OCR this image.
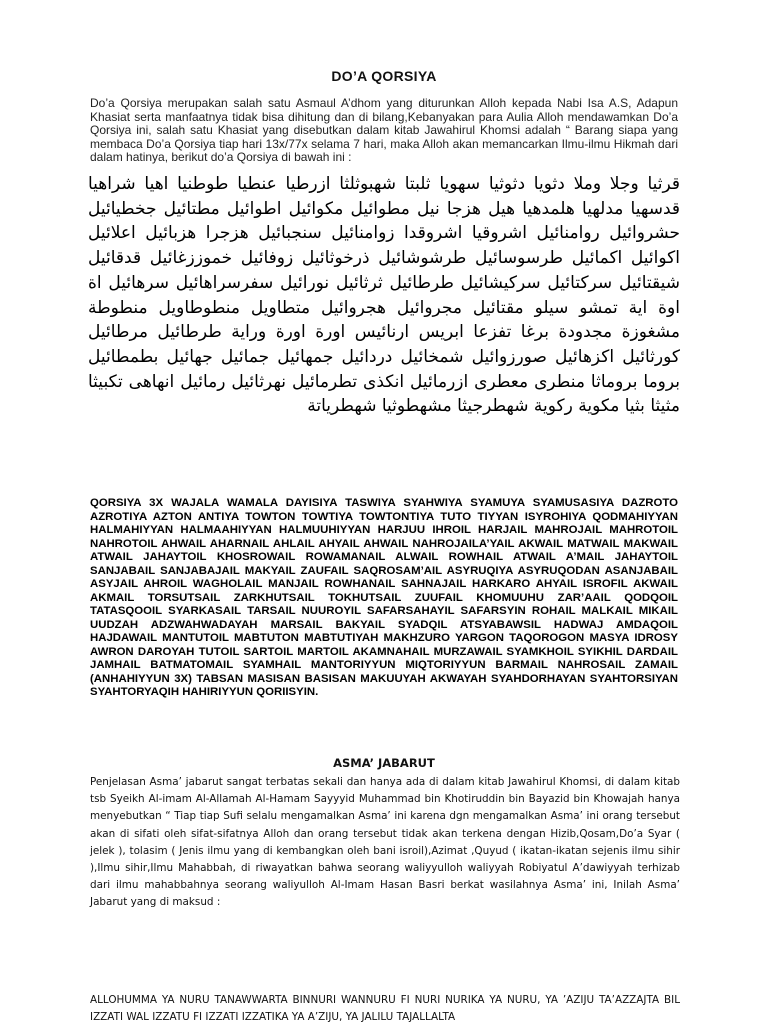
DO’A QORSIYA
Do’a Qorsiya merupakan salah satu Asmaul A’dhom yang diturunkan Alloh kepada Nabi Isa A.S, Adapun Khasiat serta manfaatnya tidak bisa dihitung dan di bilang,Kebanyakan para Aulia Alloh mendawamkan Do’a Qorsiya ini, salah satu Khasiat yang disebutkan dalam kitab Jawahirul Khomsi adalah “ Barang siapa yang membaca Do’a Qorsiya tiap hari 13x/77x selama 7 hari, maka Alloh akan memancarkan Ilmu-ilmu Hikmah dari dalam hatinya, berikut do’a Qorsiya di bawah ini :
قرثيا وجلا وملا دثويا دثوثيا سهويا ثلبتا شهبوثلثا ازرطيا عنطيا طوطنيا اهيا شراهيا قدسهيا مدلهيا هلمدهيا هيل هزجا نيل مطوائيل مكوائيل اطوائيل مطتائيل جخطيائيل حشروائيل روامنائيل اشروقيا اشروقدا زوامنائيل سنجبائيل هزجرا هزبائيل اعلائيل اكوائيل اكمائيل طرسوسائيل طرشوشائيل ذرخوثائيل زوفائيل خموززغائيل قدقائيل شيقتائيل سركتائيل سركيشائيل طرطائيل ثرثائيل نورائيل سفرسراهائيل سرهائيل اة اوة اية تمشو سيلو مقتائيل مجروائيل هجروائيل متطاويل منطوطاويل منطوطة مشغوزة مجدودة برغا تفزعا ابريس ارنائيس اورة اورة وراية طرطائيل مرطائيل كورثائيل اكزهائيل صورزوائيل شمخائيل دردائيل جمهائيل جمائيل جهائيل بطمطائيل بروما بروماثا منطرى معطرى ازرمائيل انكذى تطرمائيل نهرثائيل رمائيل انهاهى تكبيثا مثيثا بثيا مكوية ركوية شهطرجيثا مشهطوثيا شهطرياتة
QORSIYA 3X WAJALA WAMALA DAYISIYA TASWIYA SYAHWIYA SYAMUYA SYAMUSASIYA DAZROTO AZROTIYA AZTON ANTIYA TOWTON TOWTIYA TOWTONTIYA TUTO TIYYAN ISYROHIYA QODMAHIYYAN HALMAHIYYAN HALMAAHIYYAN HALMUUHIYYAN HARJUU IHROIL HARJAIL MAHROJAIL MAHROTOIL NAHROTOIL AHWAIL AHARNAIL AHLAIL AHYAIL AHWAIL NAHROJAILA’YAIL AKWAIL MATWAIL MAKWAIL ATWAIL JAHAYTOIL KHOSROWAIL ROWAMANAIL ALWAIL ROWHAIL ATWAIL A’MAIL JAHAYTOIL SANJABAIL SANJABAJAIL MAKYAIL ZAUFAIL SAQROSAM’AIL ASYRUQIYA ASYRUQODAN ASANJABAIL ASYJAIL AHROIL WAGHOLAIL MANJAIL ROWHANAIL SAHNAJAIL HARKARO AHYAIL ISROFIL AKWAIL AKMAIL TORSUTSAIL ZARKHUTSAIL TOKHUTSAIL ZUUFAIL KHOMUUHU ZAR’AAIL QODQOIL TATASQOOIL SYARKASAIL TARSAIL NUUROYIL SAFARSAHAYIL SAFARSYIN ROHAIL MALKAIL MIKAIL UUDZAH ADZWAHWADAYAH MARSAIL BAKYAIL SYADQIL ATSYABAWSIL HADWAJ AMDAQOIL HAJDAWAIL MANTUTOIL MABTUTON MABTUTIYAH MAKHZURO YARGON TAQOROGON MASYA IDROSY AWRON DAROYAH TUTOIL SARTOIL MARTOIL AKAMNAHAIL MURZAWAIL SYAMKHOIL SYIKHIL DARDAIL JAMHAIL BATMATOMAIL SYAMHAIL MANTORIYYUN MIQTORIYYUN BARMAIL NAHROSAIL ZAMAIL (ANHAHIYYUN 3X) TABSAN MASISAN BASISAN MAKUUYAH AKWAYAH SYAHDORHAYAN SYAHTORSIYAN SYAHTORYAQIH HAHIRIYYUN QORIISYIN.
ASMA’ JABARUT
Penjelasan Asma’ jabarut sangat terbatas sekali dan hanya ada di dalam kitab Jawahirul Khomsi, di dalam kitab tsb Syeikh Al-imam Al-Allamah Al-Hamam Sayyyid Muhammad bin Khotiruddin bin Bayazid bin Khowajah hanya menyebutkan “ Tiap tiap Sufi selalu mengamalkan Asma’ ini karena dgn mengamalkan Asma’ ini orang tersebut akan di sifati oleh sifat-sifatnya Alloh dan orang tersebut tidak akan terkena dengan Hizib,Qosam,Do’a Syar ( jelek ), tolasim ( Jenis ilmu yang di kembangkan oleh bani isroil),Azimat ,Quyud ( ikatan-ikatan sejenis ilmu sihir ),Ilmu sihir,Ilmu Mahabbah, di riwayatkan bahwa seorang waliyyulloh waliyyah Robiyatul A’dawiyyah terhizab dari ilmu mahabbahnya seorang waliyulloh Al-Imam Hasan Basri berkat wasilahnya Asma’ ini, Inilah Asma’ Jabarut yang di maksud :
ALLOHUMMA YA NURU TANAWWARTA BINNURI WANNURU FI NURI NURIKA YA NURU, YA ’AZIJU TA’AZZAJTA BIL IZZATI WAL IZZATU FI IZZATI IZZATIKA YA A’ZIJU, YA JALILU TAJALLALTA
